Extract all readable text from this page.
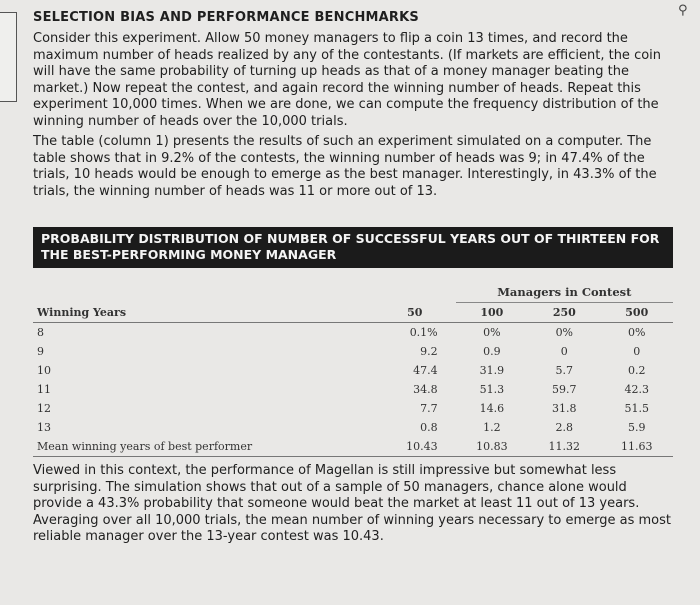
⚲
SELECTION BIAS AND PERFORMANCE BENCHMARKS

Consider this experiment. Allow 50 money managers to flip a coin 13 times, and record the maximum number of heads realized by any of the contestants. (If markets are efficient, the coin will have the same probability of turning up heads as that of a money manager beating the market.) Now repeat the contest, and again record the winning number of heads. Repeat this experiment 10,000 times. When we are done, we can compute the frequency distribution of the winning number of heads over the 10,000 trials.

The table (column 1) presents the results of such an experiment simulated on a computer. The table shows that in 9.2% of the contests, the winning number of heads was 9; in 47.4% of the trials, 10 heads would be enough to emerge as the best manager. Interestingly, in 43.3% of the trials, the winning number of heads was 11 or more out of 13.

PROBABILITY DISTRIBUTION OF NUMBER OF SUCCESSFUL YEARS OUT OF THIRTEEN FOR THE BEST-PERFORMING MONEY MANAGER
		Managers in Contest		
Winning Years	50	100	250	500
8	0.1%	0%	0%	0%
9	9.2	0.9	0	0
10	47.4	31.9	5.7	0.2
11	34.8	51.3	59.7	42.3
12	7.7	14.6	31.8	51.5
13	0.8	1.2	2.8	5.9
Mean winning years of best performer	10.43	10.83	11.32	11.63

Viewed in this context, the performance of Magellan is still impressive but somewhat less surprising. The simulation shows that out of a sample of 50 managers, chance alone would provide a 43.3% probability that someone would beat the market at least 11 out of 13 years. Averaging over all 10,000 trials, the mean number of winning years necessary to emerge as most reliable manager over the 13-year contest was 10.43.
